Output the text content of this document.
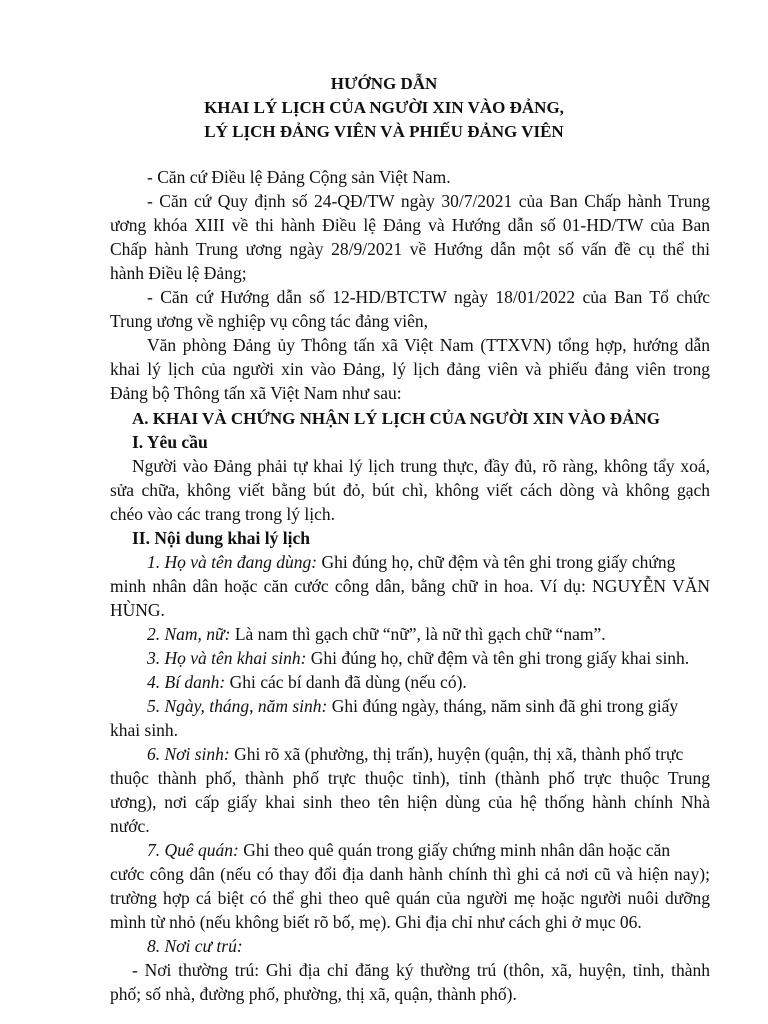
HƯỚNG DẪN
KHAI LÝ LỊCH CỦA NGƯỜI XIN VÀO ĐẢNG,
LÝ LỊCH ĐẢNG VIÊN VÀ PHIẾU ĐẢNG VIÊN
- Căn cứ Điều lệ Đảng Cộng sản Việt Nam.
- Căn cứ Quy định số 24-QĐ/TW ngày 30/7/2021 của Ban Chấp hành Trung
ương khóa XIII về thi hành Điều lệ Đảng và Hướng dẫn số 01-HD/TW của Ban
Chấp hành Trung ương ngày 28/9/2021 về Hướng dẫn một số vấn đề cụ thể thi
hành Điều lệ Đảng;
- Căn cứ Hướng dẫn số 12-HD/BTCTW ngày 18/01/2022 của Ban Tổ chức
Trung ương về nghiệp vụ công tác đảng viên,
Văn phòng Đảng ủy Thông tấn xã Việt Nam (TTXVN) tổng hợp, hướng dẫn
khai lý lịch của người xin vào Đảng, lý lịch đảng viên và phiếu đảng viên trong
Đảng bộ Thông tấn xã Việt Nam như sau:
A. KHAI VÀ CHỨNG NHẬN LÝ LỊCH CỦA NGƯỜI XIN VÀO ĐẢNG
I. Yêu cầu
Người vào Đảng phải tự khai lý lịch trung thực, đầy đủ, rõ ràng, không tẩy xoá,
sửa chữa, không viết bằng bút đỏ, bút chì, không viết cách dòng và không gạch
chéo vào các trang trong lý lịch.
II. Nội dung khai lý lịch
1. Họ và tên đang dùng: Ghi đúng họ, chữ đệm và tên ghi trong giấy chứng
minh nhân dân hoặc căn cước công dân, bằng chữ in hoa. Ví dụ: NGUYỄN VĂN
HÙNG.
2. Nam, nữ: Là nam thì gạch chữ “nữ”, là nữ thì gạch chữ “nam”.
3. Họ và tên khai sinh: Ghi đúng họ, chữ đệm và tên ghi trong giấy khai sinh.
4. Bí danh: Ghi các bí danh đã dùng (nếu có).
5. Ngày, tháng, năm sinh: Ghi đúng ngày, tháng, năm sinh đã ghi trong giấy
khai sinh.
6. Nơi sinh: Ghi rõ xã (phường, thị trấn), huyện (quận, thị xã, thành phố trực
thuộc thành phố, thành phố trực thuộc tỉnh), tỉnh (thành phố trực thuộc Trung
ương), nơi cấp giấy khai sinh theo tên hiện dùng của hệ thống hành chính Nhà
nước.
7. Quê quán: Ghi theo quê quán trong giấy chứng minh nhân dân hoặc căn
cước công dân (nếu có thay đổi địa danh hành chính thì ghi cả nơi cũ và hiện nay);
trường hợp cá biệt có thể ghi theo quê quán của người mẹ hoặc người nuôi dưỡng
mình từ nhỏ (nếu không biết rõ bố, mẹ). Ghi địa chỉ như cách ghi ở mục 06.
8. Nơi cư trú:
- Nơi thường trú: Ghi địa chỉ đăng ký thường trú (thôn, xã, huyện, tỉnh, thành
phố; số nhà, đường phố, phường, thị xã, quận, thành phố).
